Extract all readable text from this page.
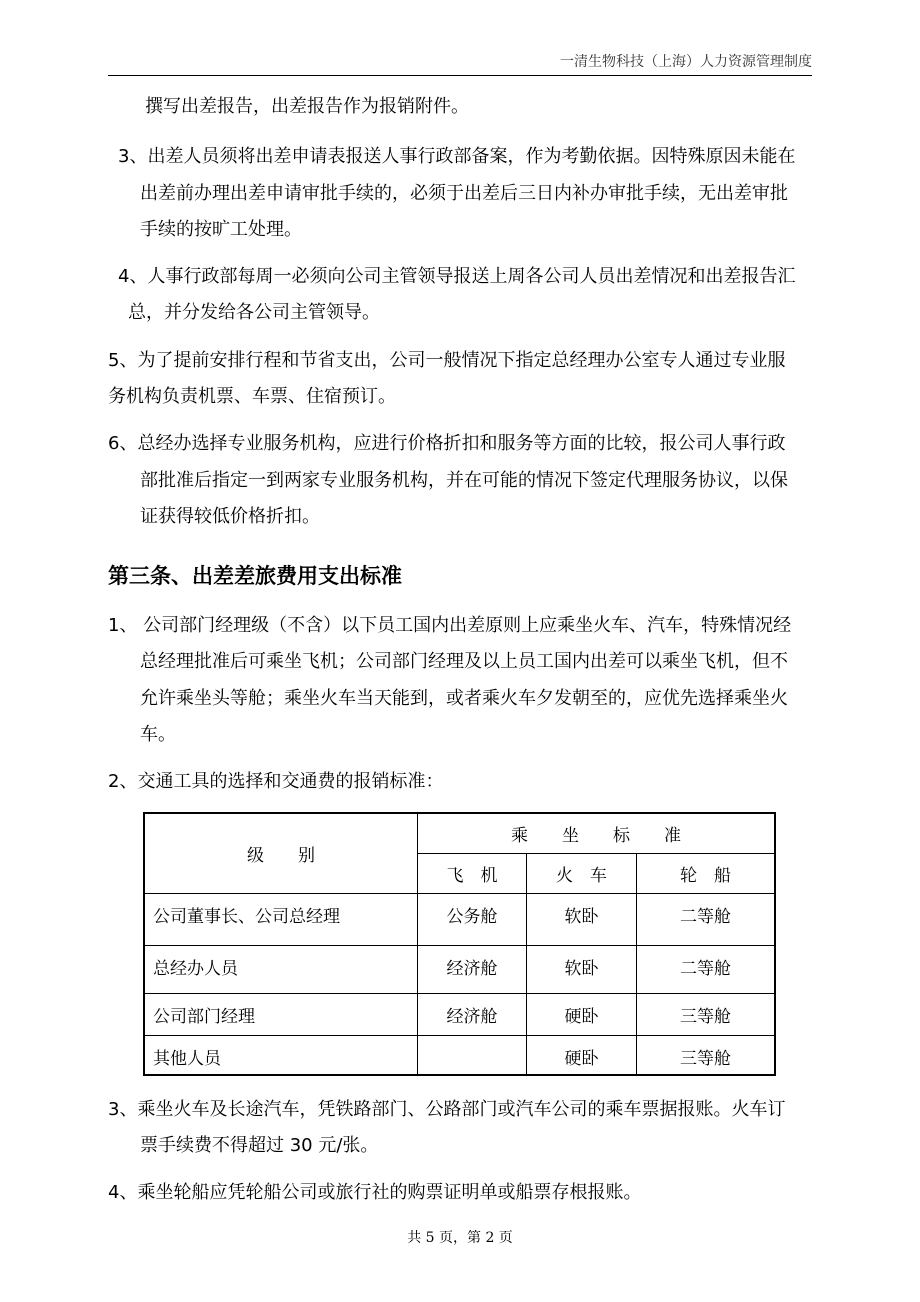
一清生物科技（上海）人力资源管理制度
撰写出差报告，出差报告作为报销附件。
3、出差人员须将出差申请表报送人事行政部备案，作为考勤依据。因特殊原因未能在
出差前办理出差申请审批手续的，必须于出差后三日内补办审批手续，无出差审批
手续的按旷工处理。
4、人事行政部每周一必须向公司主管领导报送上周各公司人员出差情况和出差报告汇
总，并分发给各公司主管领导。
5、为了提前安排行程和节省支出，公司一般情况下指定总经理办公室专人通过专业服
务机构负责机票、车票、住宿预订。
6、总经办选择专业服务机构，应进行价格折扣和服务等方面的比较，报公司人事行政
部批准后指定一到两家专业服务机构，并在可能的情况下签定代理服务协议，以保
证获得较低价格折扣。
第三条、出差差旅费用支出标准
1、 公司部门经理级（不含）以下员工国内出差原则上应乘坐火车、汽车，特殊情况经
总经理批准后可乘坐飞机；公司部门经理及以上员工国内出差可以乘坐飞机，但不
允许乘坐头等舱；乘坐火车当天能到，或者乘火车夕发朝至的，应优先选择乘坐火
车。
2、交通工具的选择和交通费的报销标准：
级　　别	乘　　坐　　标　　准		
	飞　机	火　车	轮　船
公司董事长、公司总经理	公务舱	软卧	二等舱
总经办人员	经济舱	软卧	二等舱
公司部门经理	经济舱	硬卧	三等舱
其他人员		硬卧	三等舱
3、乘坐火车及长途汽车，凭铁路部门、公路部门或汽车公司的乘车票据报账。火车订
票手续费不得超过 30 元/张。
4、乘坐轮船应凭轮船公司或旅行社的购票证明单或船票存根报账。
共 5 页，第 2 页
